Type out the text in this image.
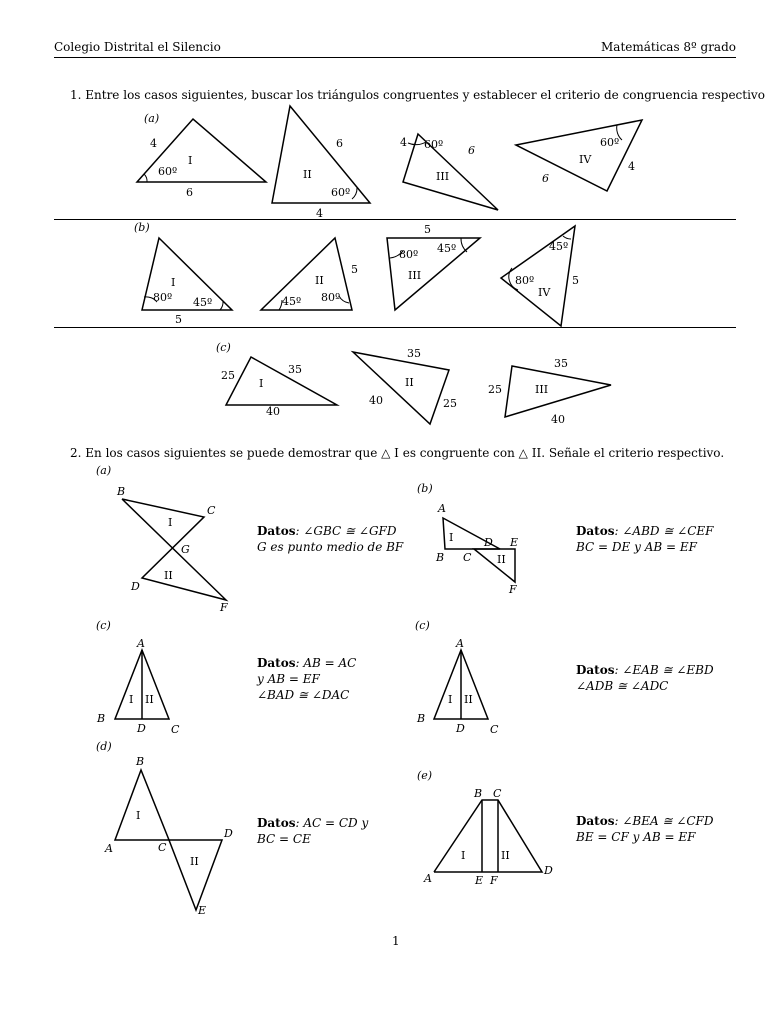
Colegio Distrital el Silencio	Matemáticas 8º grado
1. Entre los casos siguientes, buscar los triángulos congruentes y establecer el criterio de congruencia respectivo
2. En los casos siguientes se puede demostrar que △ I es congruente con △ II. Señale el criterio respectivo.
Datos: ∠GBC ≅ ∠GFD
G es punto medio de BF
Datos: ∠ABD ≅ ∠CEF
BC = DE y AB = EF
Datos: AB = AC
y AB = EF
∠BAD ≅ ∠DAC
Datos: ∠EAB ≅ ∠EBD
∠ADB ≅ ∠ADC
Datos: AC = CD y
BC = CE
Datos: ∠BEA ≅ ∠CFD
BE = CF y AB = EF
1
(a)
4
I
60º
6
6
II
60º
4
4 60º 6
III
60º
IV
4
6
(b)
I
80º 45º
5
II
5
45º 80º
5
80º 45º
III
45º
80º
IV
5
(c)
25	35
I
40
35
II
40	25
35
25	III
40
(a)
B
C
I
G
II
D
F
(b)
A
I	D E
B C II
F
(c)
A
I II
B
D C
(c)
A
I II
B
D C
(d)
B
I
A	C
D
II
E
(e)
B C
I	II
A	E F
D
